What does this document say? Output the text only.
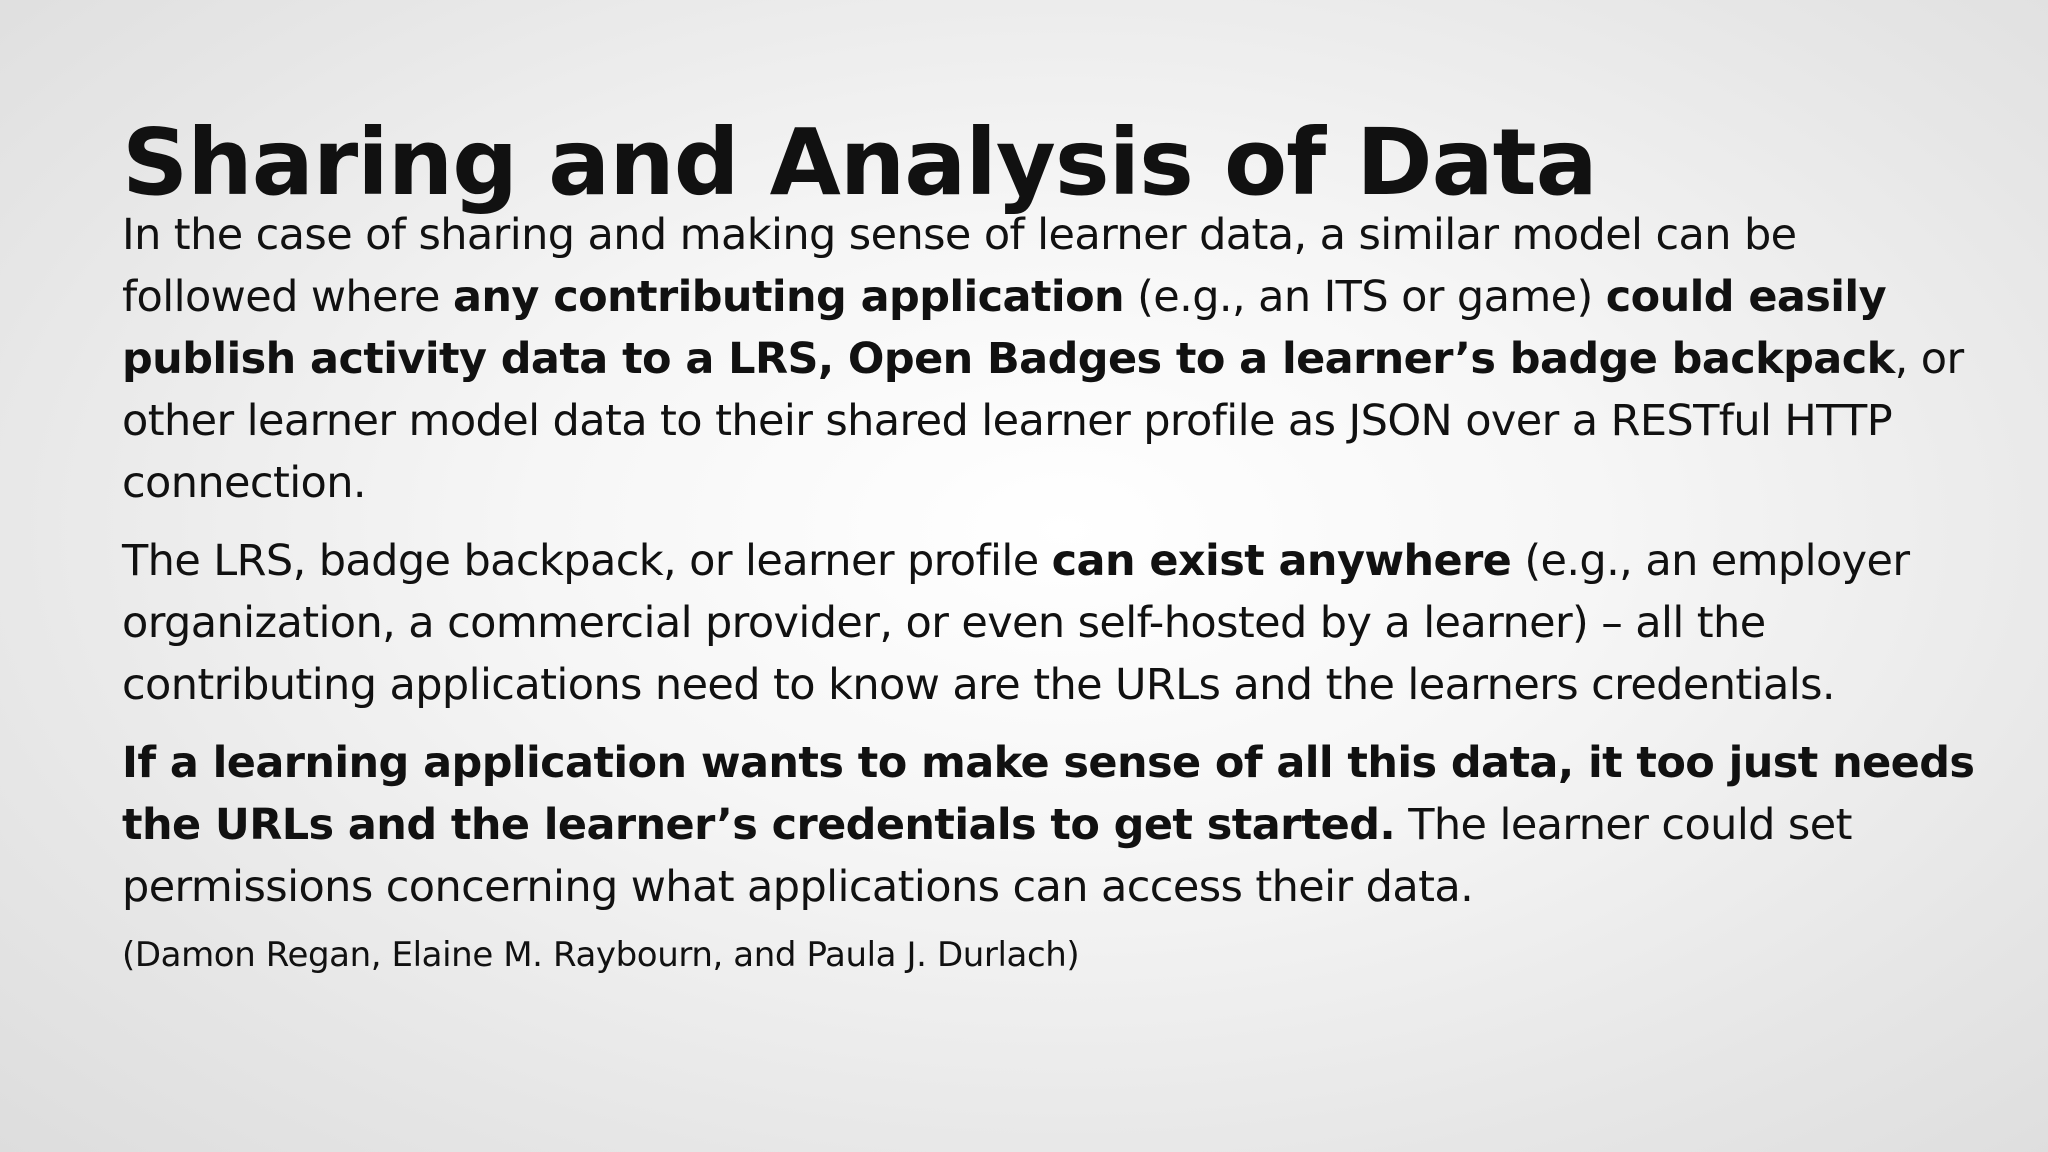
Sharing and Analysis of Data

In the case of sharing and making sense of learner data, a similar model can be followed where any contributing application (e.g., an ITS or game) could easily publish activity data to a LRS, Open Badges to a learner’s badge backpack, or other learner model data to their shared learner profile as JSON over a RESTful HTTP connection.

The LRS, badge backpack, or learner profile can exist anywhere (e.g., an employer organization, a commercial provider, or even self-hosted by a learner) – all the contributing applications need to know are the URLs and the learners credentials.

If a learning application wants to make sense of all this data, it too just needs the URLs and the learner’s credentials to get started. The learner could set permissions concerning what applications can access their data.

(Damon Regan, Elaine M. Raybourn, and Paula J. Durlach)
